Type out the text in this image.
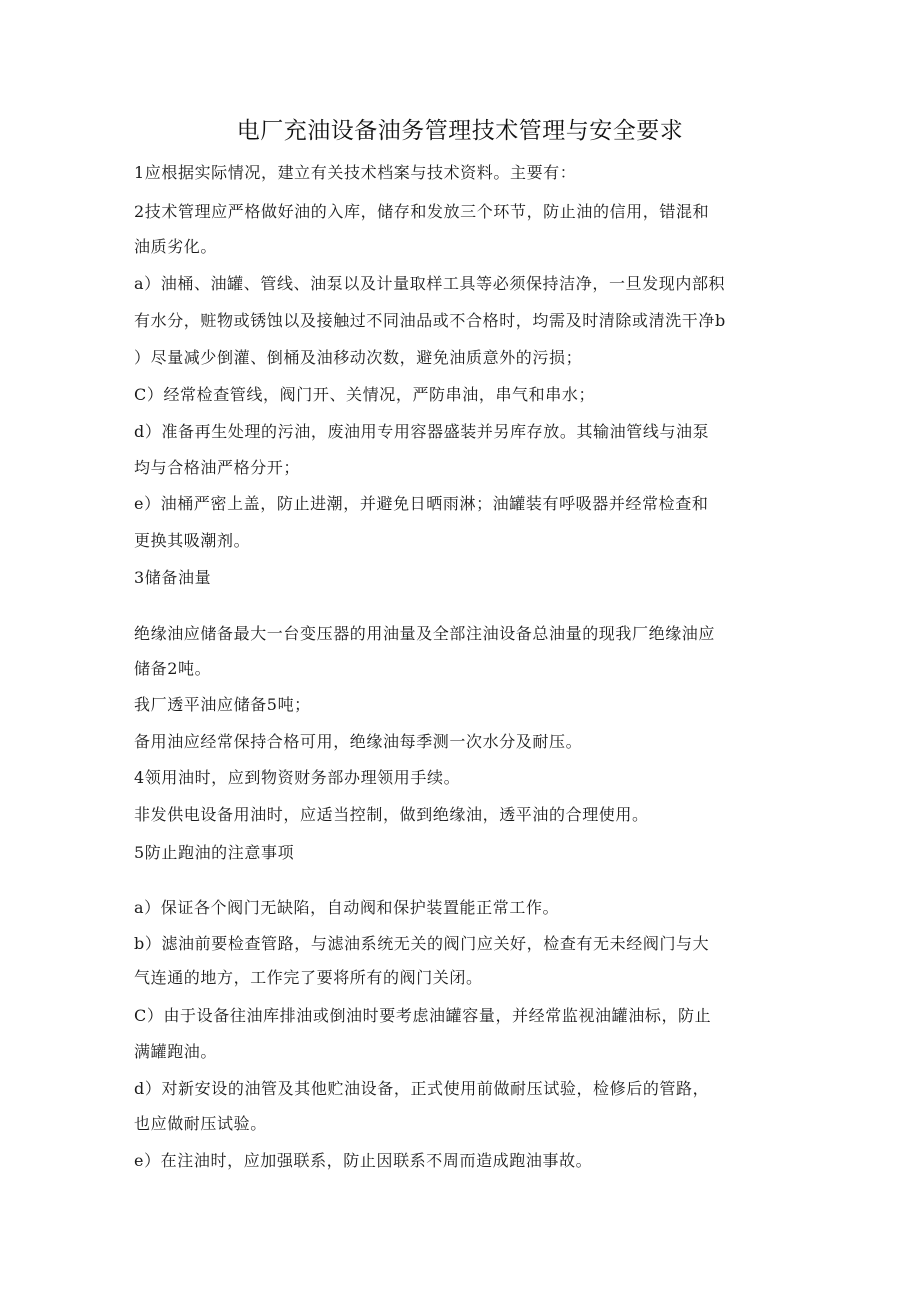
电厂充油设备油务管理技术管理与安全要求
1应根据实际情况，建立有关技术档案与技术资料。主要有：
2技术管理应严格做好油的入库，储存和发放三个环节，防止油的信用，错混和
油质劣化。
a）油桶、油罐、管线、油泵以及计量取样工具等必须保持洁净，一旦发现内部积
有水分，赃物或锈蚀以及接触过不同油品或不合格时，均需及时清除或清洗干净b
）尽量减少倒灌、倒桶及油移动次数，避免油质意外的污损；
C）经常检查管线，阀门开、关情况，严防串油，串气和串水；
d）准备再生处理的污油，废油用专用容器盛装并另库存放。其输油管线与油泵
均与合格油严格分开；
e）油桶严密上盖，防止进潮，并避免日晒雨淋；油罐装有呼吸器并经常检查和
更换其吸潮剂。
3储备油量
绝缘油应储备最大一台变压器的用油量及全部注油设备总油量的现我厂绝缘油应
储备2吨。
我厂透平油应储备5吨；
备用油应经常保持合格可用，绝缘油每季测一次水分及耐压。
4领用油时，应到物资财务部办理领用手续。
非发供电设备用油时，应适当控制，做到绝缘油，透平油的合理使用。
5防止跑油的注意事项
a）保证各个阀门无缺陷，自动阀和保护装置能正常工作。
b）滤油前要检查管路，与滤油系统无关的阀门应关好，检查有无未经阀门与大
气连通的地方，工作完了要将所有的阀门关闭。
C）由于设备往油库排油或倒油时要考虑油罐容量，并经常监视油罐油标，防止
满罐跑油。
d）对新安设的油管及其他贮油设备，正式使用前做耐压试验，检修后的管路，
也应做耐压试验。
e）在注油时，应加强联系，防止因联系不周而造成跑油事故。
